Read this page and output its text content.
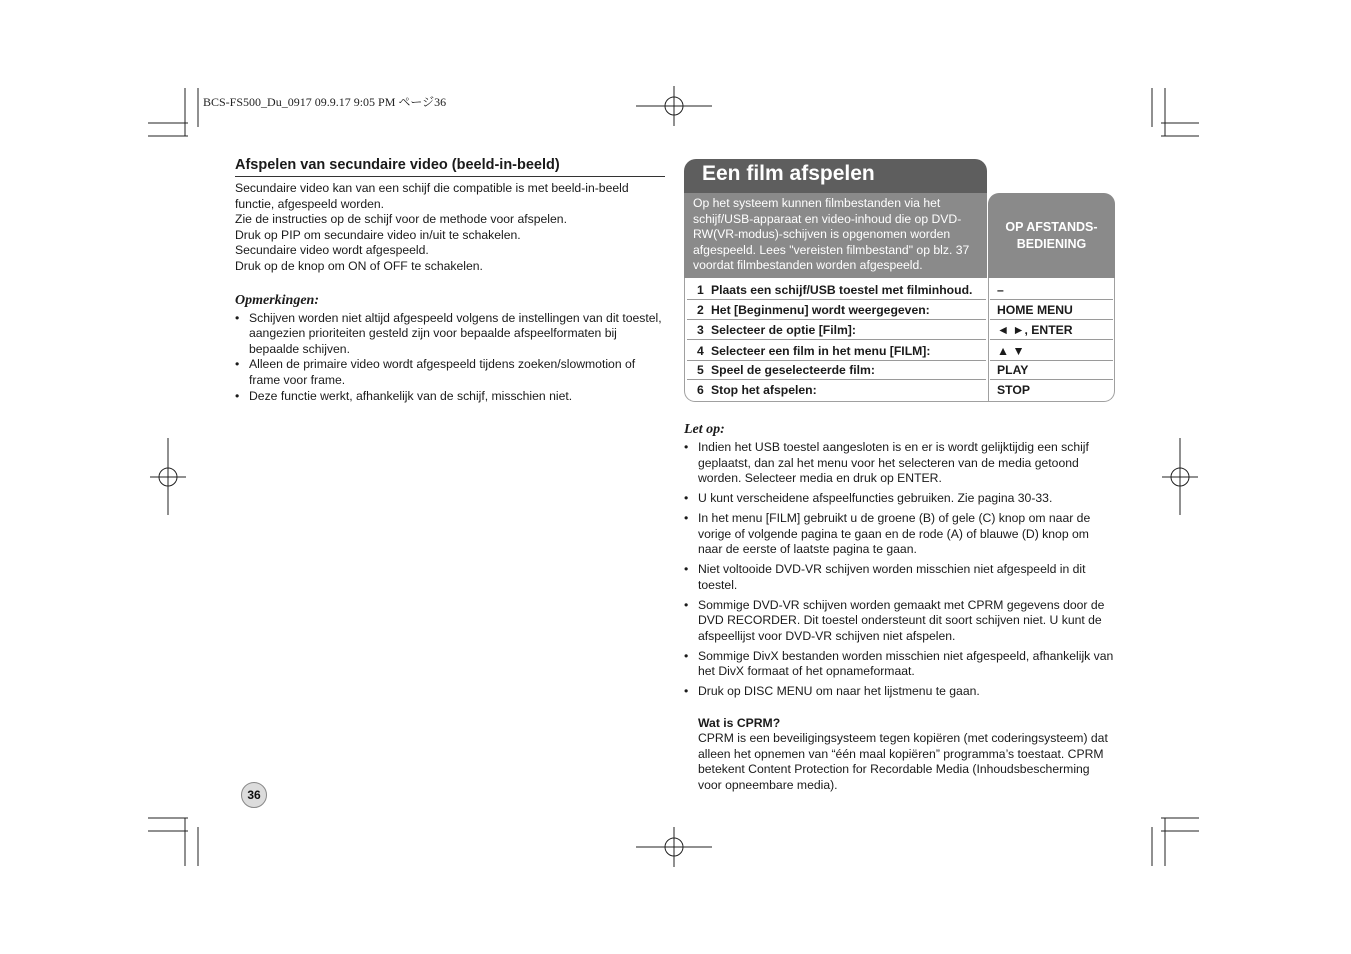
BCS-FS500_Du_0917 09.9.17 9:05 PM ページ36
Afspelen van secundaire video (beeld-in-beeld)
Secundaire video kan van een schijf die compatible is met beeld-in-beeld
functie, afgespeeld worden.
Zie de instructies op de schijf voor de methode voor afspelen.
Druk op PIP om secundaire video in/uit te schakelen.
Secundaire video wordt afgespeeld.
Druk op de knop om ON of OFF te schakelen.
Opmerkingen:
• Schijven worden niet altijd afgespeeld volgens de instellingen van dit toestel, aangezien prioriteiten gesteld zijn voor bepaalde afspeelformaten bij bepaalde schijven.
• Alleen de primaire video wordt afgespeeld tijdens zoeken/slowmotion of frame voor frame.
• Deze functie werkt, afhankelijk van de schijf, misschien niet.
Een film afspelen
Op het systeem kunnen filmbestanden via het schijf/USB-apparaat en video-inhoud die op DVD-RW(VR-modus)-schijven is opgenomen worden afgespeeld. Lees "vereisten filmbestand" op blz. 37 voordat filmbestanden worden afgespeeld.
OP AFSTANDS-
BEDIENING
1 Plaats een schijf/USB toestel met filminhoud. –
2 Het [Beginmenu] wordt weergegeven:	HOME MENU
3 Selecteer de optie [Film]:	◄ ►, ENTER
4 Selecteer een film in het menu [FILM]:	▲ ▼
5 Speel de geselecteerde film:	PLAY
6 Stop het afspelen:	STOP
Let op:
• Indien het USB toestel aangesloten is en er is wordt gelijktijdig een schijf geplaatst, dan zal het menu voor het selecteren van de media getoond worden. Selecteer media en druk op ENTER.
• U kunt verscheidene afspeelfuncties gebruiken. Zie pagina 30-33.
• In het menu [FILM] gebruikt u de groene (B) of gele (C) knop om naar de vorige of volgende pagina te gaan en de rode (A) of blauwe (D) knop om naar de eerste of laatste pagina te gaan.
• Niet voltooide DVD-VR schijven worden misschien niet afgespeeld in dit toestel.
• Sommige DVD-VR schijven worden gemaakt met CPRM gegevens door de DVD RECORDER. Dit toestel ondersteunt dit soort schijven niet. U kunt de afspeellijst voor DVD-VR schijven niet afspelen.
• Sommige DivX bestanden worden misschien niet afgespeeld, afhankelijk van het DivX formaat of het opnameformaat.
• Druk op DISC MENU om naar het lijstmenu te gaan.
Wat is CPRM?
CPRM is een beveiligingsysteem tegen kopiëren (met coderingsysteem) dat alleen het opnemen van “één maal kopiëren” programma’s toestaat. CPRM betekent Content Protection for Recordable Media (Inhoudsbescherming voor opneembare media).
36
